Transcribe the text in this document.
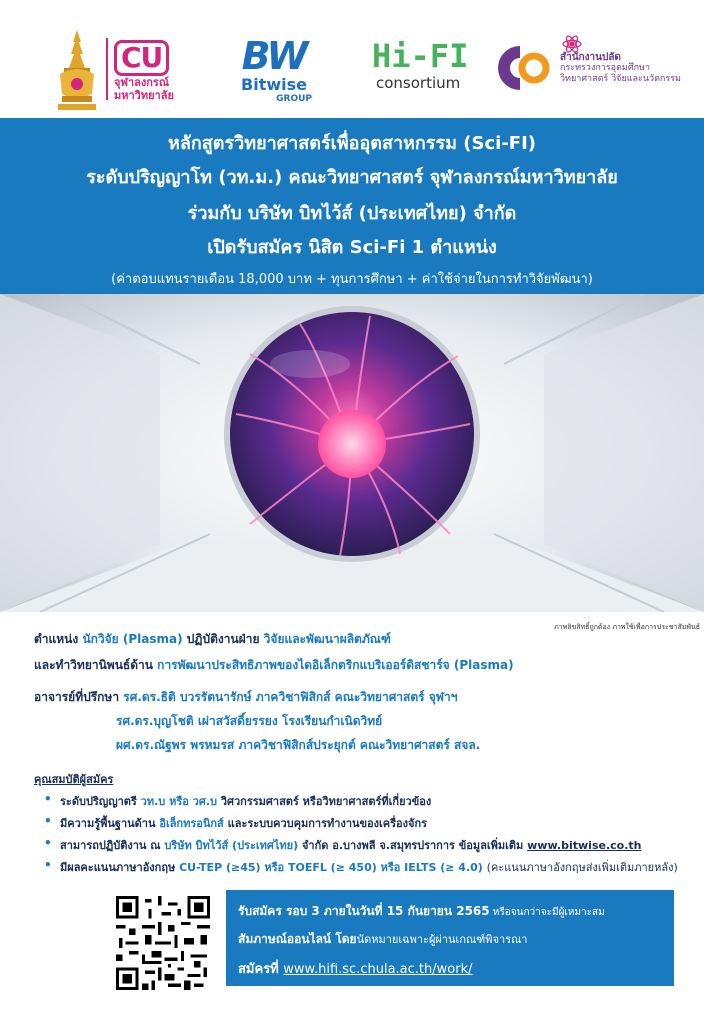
CU
จุฬาลงกรณ์
มหาวิทยาลัย
BW
Bitwise
GROUP
Hi-FI
consortium
สำนักงานปลัด
กระทรวงการอุดมศึกษา
วิทยาศาสตร์ วิจัยและนวัตกรรม
หลักสูตรวิทยาศาสตร์เพื่ออุตสาหกรรม (Sci-FI)
ระดับปริญญาโท (วท.ม.) คณะวิทยาศาสตร์ จุฬาลงกรณ์มหาวิทยาลัย
ร่วมกับ บริษัท บิทไว้ส์ (ประเทศไทย) จำกัด
เปิดรับสมัคร นิสิต Sci-Fi 1 ตำแหน่ง
(ค่าตอบแทนรายเดือน 18,000 บาท + ทุนการศึกษา + ค่าใช้จ่ายในการทำวิจัยพัฒนา)
ภาพลิขสิทธิ์ถูกต้อง ภาพใช้เพื่อการประชาสัมพันธ์
ตำแหน่ง นักวิจัย (Plasma) ปฏิบัติงานฝ่าย วิจัยและพัฒนาผลิตภัณฑ์
และทำวิทยานิพนธ์ด้าน การพัฒนาประสิทธิภาพของไดอิเล็กตริกแบริเออร์ดิสชาร์จ (Plasma)
อาจารย์ที่ปรึกษา รศ.ดร.ธิติ บวรรัตนารักษ์ ภาควิชาฟิสิกส์ คณะวิทยาศาสตร์ จุฬาฯ
รศ.ดร.บุญโชติ เผ่าสวัสดิ์ยรรยง โรงเรียนกำเนิดวิทย์
ผศ.ดร.ณัฐพร พรหมรส ภาควิชาฟิสิกส์ประยุกต์ คณะวิทยาศาสตร์ สจล.
คุณสมบัติผู้สมัคร
• ระดับปริญญาตรี วท.บ หรือ วศ.บ วิศวกรรมศาสตร์ หรือวิทยาศาสตร์ที่เกี่ยวข้อง
• มีความรู้พื้นฐานด้าน อิเล็กทรอนิกส์ และระบบควบคุมการทำงานของเครื่องจักร
• สามารถปฏิบัติงาน ณ บริษัท บิทไว้ส์ (ประเทศไทย) จำกัด อ.บางพลี จ.สมุทรปราการ ข้อมูลเพิ่มเติม www.bitwise.co.th
• มีผลคะแนนภาษาอังกฤษ CU-TEP (≥45) หรือ TOEFL (≥ 450) หรือ IELTS (≥ 4.0) (คะแนนภาษาอังกฤษส่งเพิ่มเติมภายหลัง)
รับสมัคร รอบ 3 ภายในวันที่ 15 กันยายน 2565 หรือจนกว่าจะมีผู้เหมาะสม
สัมภาษณ์ออนไลน์ โดยนัดหมายเฉพาะผู้ผ่านเกณฑ์พิจารณา
สมัครที่ www.hifi.sc.chula.ac.th/work/
